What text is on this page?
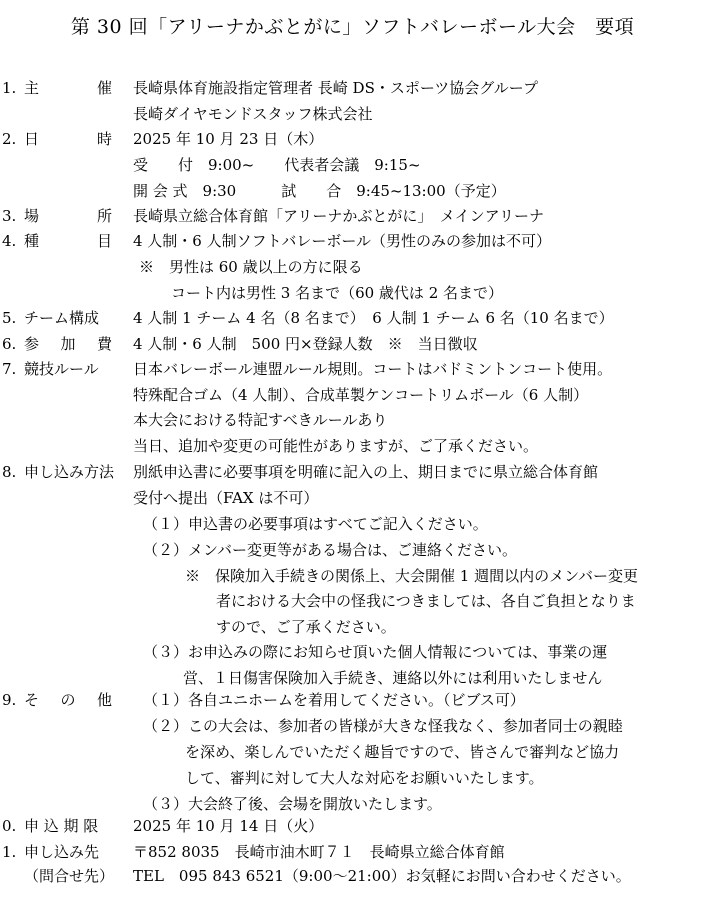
第 30 回「アリーナかぶとがに」ソフトバレーボール大会　要項
1. 主	催 長崎県体育施設指定管理者 長崎 DS・スポーツ協会グループ
長崎ダイヤモンドスタッフ株式会社
2. 日	時 2025 年 10 月 23 日（木）
受　　付　9:00~　　代表者会議　9:15~
開 会 式　9:30　　　試　　合　9:45~13:00（予定）
3. 場	所 長崎県立総合体育館「アリーナかぶとがに」　メインアリーナ
4. 種	目 4 人制・6 人制ソフトバレーボール（男性のみの参加は不可）
※　男性は 60 歳以上の方に限る
コート内は男性 3 名まで（60 歳代は 2 名まで）
5. チーム構成 4 人制 1 チーム 4 名（8 名まで）　6 人制 1 チーム 6 名（10 名まで）
6. 参 加 費 4 人制・6 人制　500 円×登録人数　※　当日徴収
7. 競技ルール 日本バレーボール連盟ルール規則。コートはバドミントンコート使用。
特殊配合ゴム（4 人制）、合成革製ケンコートリムボール（6 人制）
本大会における特記すべきルールあり
当日、追加や変更の可能性がありますが、ご了承ください。
8. 申し込み方法 別紙申込書に必要事項を明確に記入の上、期日までに県立総合体育館
受付へ提出（FAX は不可）
（１）申込書の必要事項はすべてご記入ください。
（２）メンバー変更等がある場合は、ご連絡ください。
※　保険加入手続きの関係上、大会開催 1 週間以内のメンバー変更
者における大会中の怪我につきましては、各自ご負担となりま
すので、ご了承ください。
（３）お申込みの際にお知らせ頂いた個人情報については、事業の運
営、１日傷害保険加入手続き、連絡以外には利用いたしません
9. そ の 他 （１）各自ユニホームを着用してください。（ビブス可）
（２）この大会は、参加者の皆様が大きな怪我なく、参加者同士の親睦
を深め、楽しんでいただく趣旨ですので、皆さんで審判など協力
して、審判に対して大人な対応をお願いいたします。
（３）大会終了後、会場を開放いたします。
0. 申 込 期 限 2025 年 10 月 14 日（火）
1. 申し込み先 〒852 8035　長崎市油木町７１　長崎県立総合体育館
（問合せ先） TEL　095 843 6521（9:00～21:00）お気軽にお問い合わせください。
